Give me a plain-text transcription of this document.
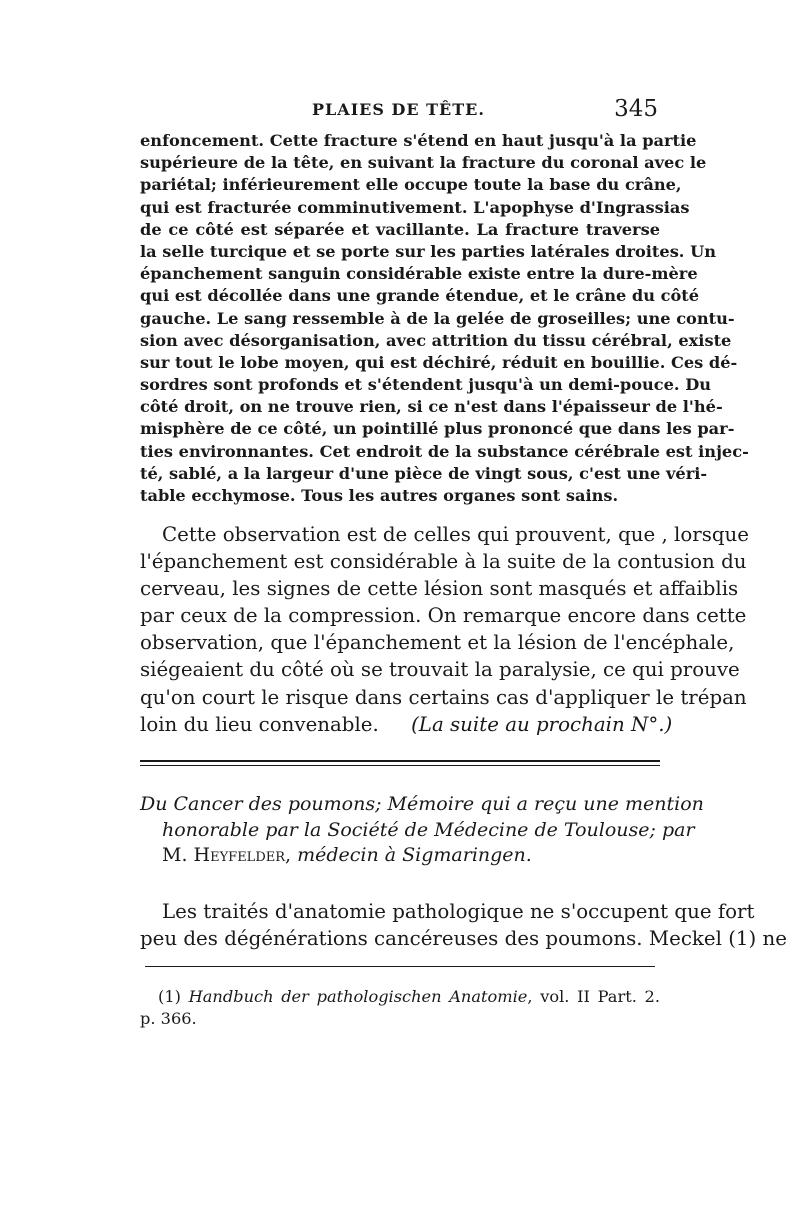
PLAIES DE TÊTE.	345
enfoncement. Cette fracture s'étend en haut jusqu'à la partie
supérieure de la tête, en suivant la fracture du coronal avec le
pariétal; inférieurement elle occupe toute la base du crâne,
qui est fracturée comminutivement. L'apophyse d'Ingrassias
de ce côté est séparée et vacillante. La fracture traverse
la selle turcique et se porte sur les parties latérales droites. Un
épanchement sanguin considérable existe entre la dure-mère
qui est décollée dans une grande étendue, et le crâne du côté
gauche. Le sang ressemble à de la gelée de groseilles; une contu-
sion avec désorganisation, avec attrition du tissu cérébral, existe
sur tout le lobe moyen, qui est déchiré, réduit en bouillie. Ces dé-
sordres sont profonds et s'étendent jusqu'à un demi-pouce. Du
côté droit, on ne trouve rien, si ce n'est dans l'épaisseur de l'hé-
misphère de ce côté, un pointillé plus prononcé que dans les par-
ties environnantes. Cet endroit de la substance cérébrale est injec-
té, sablé, a la largeur d'une pièce de vingt sous, c'est une véri-
table ecchymose. Tous les autres organes sont sains.
Cette observation est de celles qui prouvent, que , lorsque
l'épanchement est considérable à la suite de la contusion du
cerveau, les signes de cette lésion sont masqués et affaiblis
par ceux de la compression. On remarque encore dans cette
observation, que l'épanchement et la lésion de l'encéphale,
siégeaient du côté où se trouvait la paralysie, ce qui prouve
qu'on court le risque dans certains cas d'appliquer le trépan
loin du lieu convenable. (La suite au prochain N°.)
Du Cancer des poumons; Mémoire qui a reçu une mention
honorable par la Société de Médecine de Toulouse; par
M. Heyfelder, médecin à Sigmaringen.
Les traités d'anatomie pathologique ne s'occupent que fort
peu des dégénérations cancéreuses des poumons. Meckel (1) ne
(1) Handbuch der pathologischen Anatomie, vol. II Part. 2.
p. 366.
